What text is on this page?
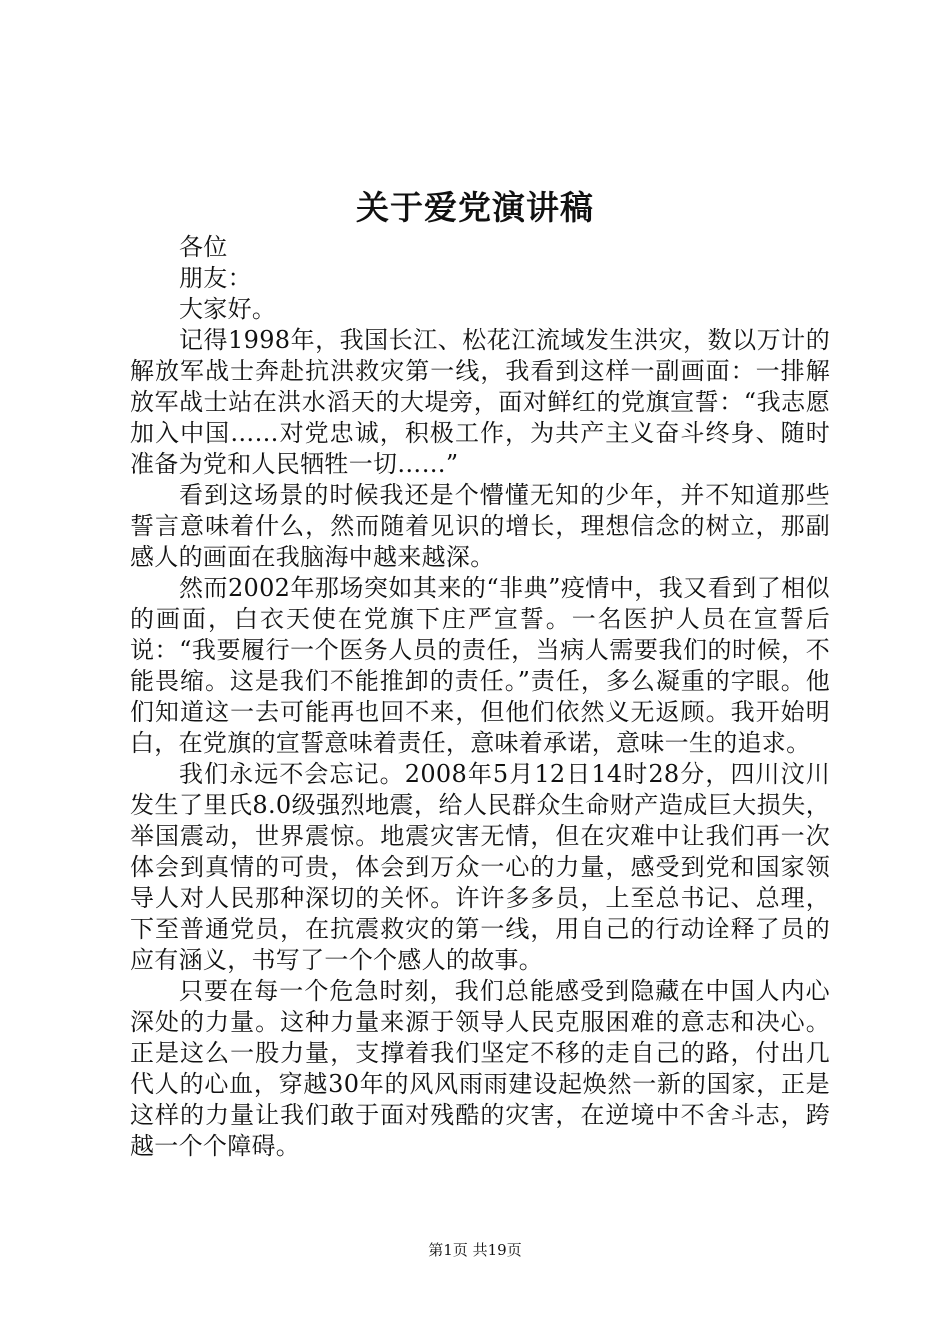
关于爱党演讲稿

各位

朋友：

大家好。

记得1998年，我国长江、松花江流域发生洪灾，数以万计的解放军战士奔赴抗洪救灾第一线，我看到这样一副画面：一排解放军战士站在洪水滔天的大堤旁，面对鲜红的党旗宣誓：“我志愿加入中国……对党忠诚，积极工作，为共产主义奋斗终身、随时准备为党和人民牺牲一切……”

看到这场景的时候我还是个懵懂无知的少年，并不知道那些誓言意味着什么，然而随着见识的增长，理想信念的树立，那副感人的画面在我脑海中越来越深。

然而2002年那场突如其来的“非典”疫情中，我又看到了相似的画面，白衣天使在党旗下庄严宣誓。一名医护人员在宣誓后说：“我要履行一个医务人员的责任，当病人需要我们的时候，不能畏缩。这是我们不能推卸的责任。”责任，多么凝重的字眼。他们知道这一去可能再也回不来，但他们依然义无返顾。我开始明白，在党旗的宣誓意味着责任，意味着承诺，意味一生的追求。

我们永远不会忘记。2008年5月12日14时28分，四川汶川发生了里氏8.0级强烈地震，给人民群众生命财产造成巨大损失，举国震动，世界震惊。地震灾害无情，但在灾难中让我们再一次体会到真情的可贵，体会到万众一心的力量，感受到党和国家领导人对人民那种深切的关怀。许许多多员，上至总书记、总理，下至普通党员，在抗震救灾的第一线，用自己的行动诠释了员的应有涵义，书写了一个个感人的故事。

只要在每一个危急时刻，我们总能感受到隐藏在中国人内心深处的力量。这种力量来源于领导人民克服困难的意志和决心。正是这么一股力量，支撑着我们坚定不移的走自己的路，付出几代人的心血，穿越30年的风风雨雨建设起焕然一新的国家，正是这样的力量让我们敢于面对残酷的灾害，在逆境中不舍斗志，跨越一个个障碍。

第1页 共19页
